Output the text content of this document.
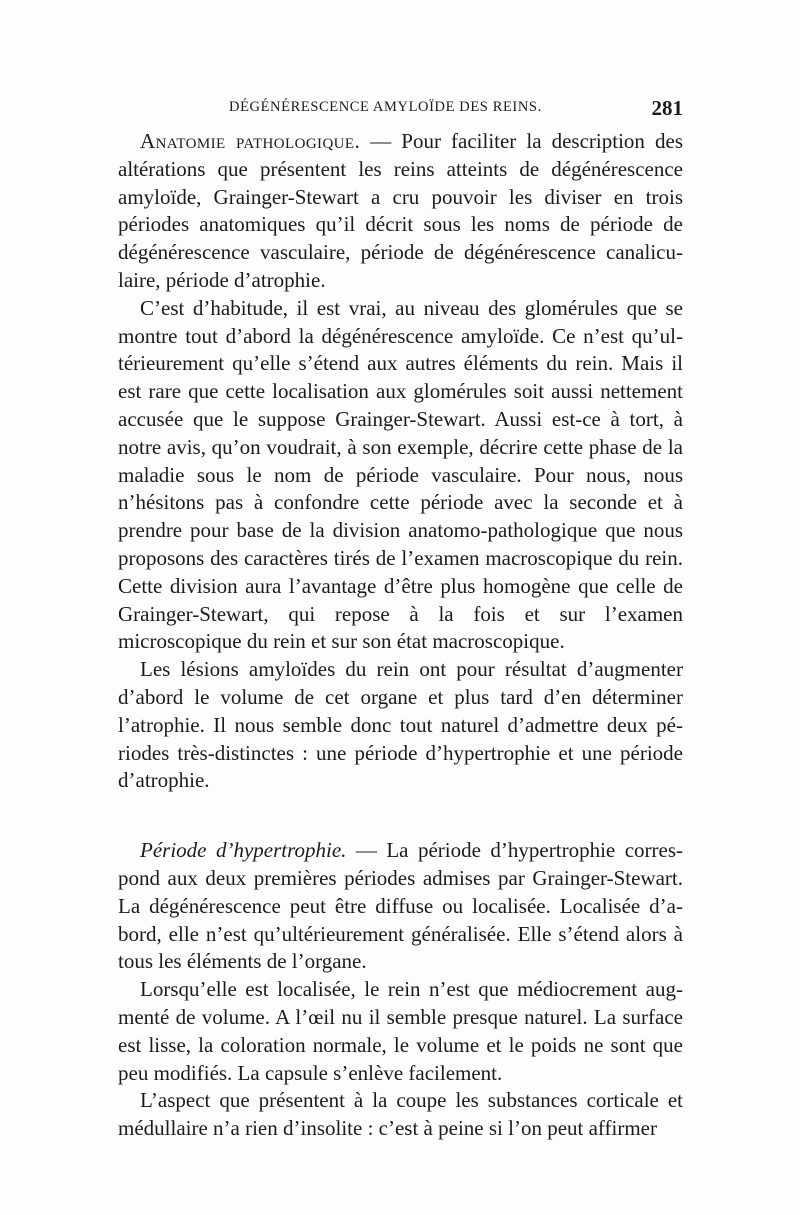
DÉGÉNÉRESCENCE AMYLOÏDE DES REINS.	281

Anatomie pathologique. — Pour faciliter la description des altérations que présentent les reins atteints de dégénérescence amyloïde, Grainger-Stewart a cru pouvoir les diviser en trois périodes anatomiques qu’il décrit sous les noms de période de dégénérescence vasculaire, période de dégénérescence canaliculaire, période d’atrophie.

C’est d’habitude, il est vrai, au niveau des glomérules que se montre tout d’abord la dégénérescence amyloïde. Ce n’est qu’ultérieurement qu’elle s’étend aux autres éléments du rein. Mais il est rare que cette localisation aux glomérules soit aussi nettement accusée que le suppose Grainger-Stewart. Aussi est-ce à tort, à notre avis, qu’on voudrait, à son exemple, décrire cette phase de la maladie sous le nom de période vasculaire. Pour nous, nous n’hésitons pas à confondre cette période avec la seconde et à prendre pour base de la division anatomo-pathologique que nous proposons des caractères tirés de l’examen macroscopique du rein. Cette division aura l’avantage d’être plus homogène que celle de Grainger-Stewart, qui repose à la fois et sur l’examen microscopique du rein et sur son état macroscopique.

Les lésions amyloïdes du rein ont pour résultat d’augmenter d’abord le volume de cet organe et plus tard d’en déterminer l’atrophie. Il nous semble donc tout naturel d’admettre deux périodes très-distinctes : une période d’hypertrophie et une période d’atrophie.

Période d’hypertrophie. — La période d’hypertrophie correspond aux deux premières périodes admises par Grainger-Stewart. La dégénérescence peut être diffuse ou localisée. Localisée d’abord, elle n’est qu’ultérieurement généralisée. Elle s’étend alors à tous les éléments de l’organe.

Lorsqu’elle est localisée, le rein n’est que médiocrement augmenté de volume. A l’œil nu il semble presque naturel. La surface est lisse, la coloration normale, le volume et le poids ne sont que peu modifiés. La capsule s’enlève facilement.

L’aspect que présentent à la coupe les substances corticale et médullaire n’a rien d’insolite : c’est à peine si l’on peut affirmer
